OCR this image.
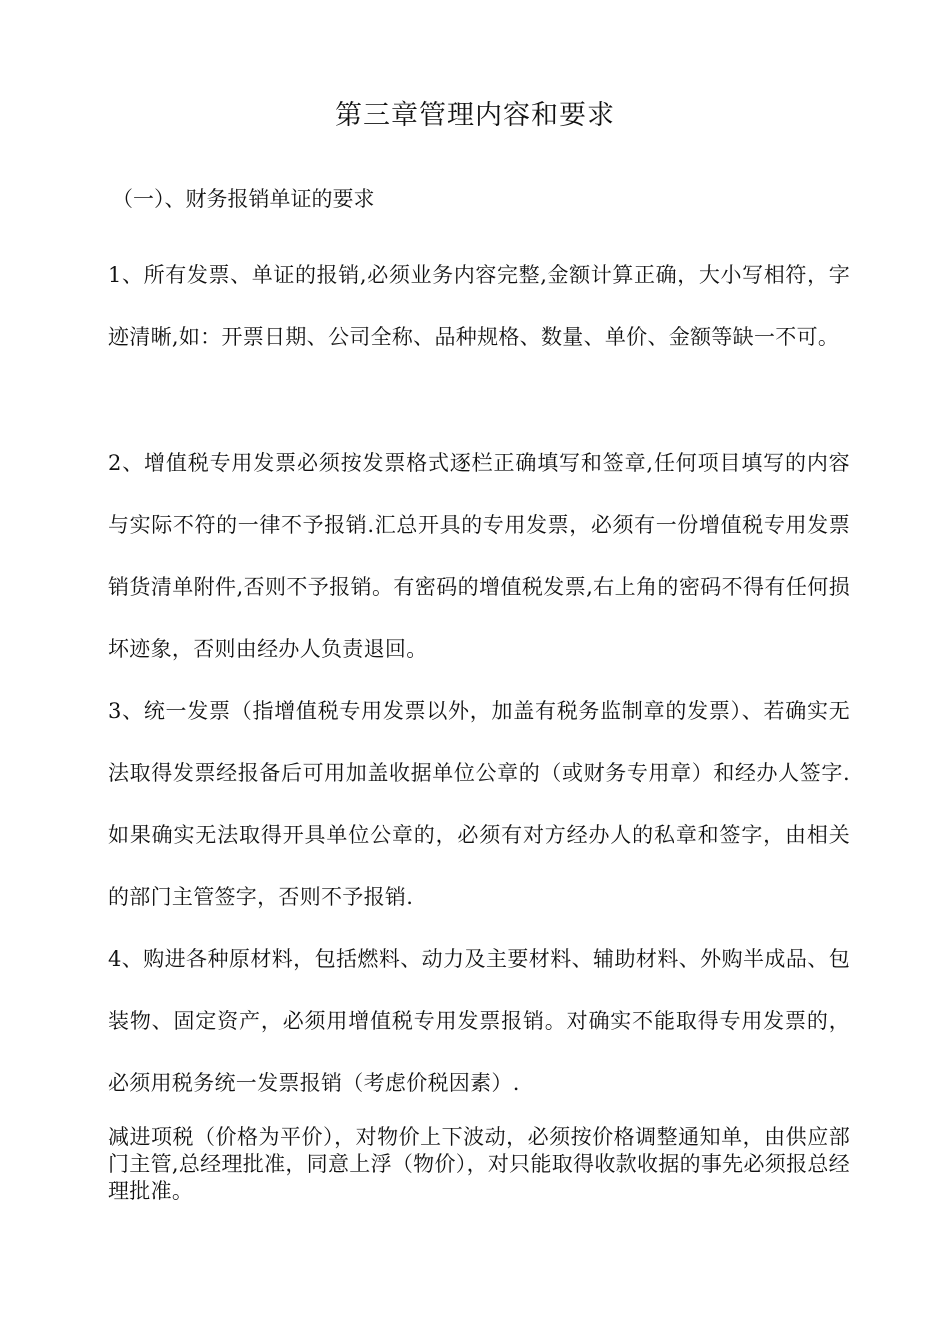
第三章管理内容和要求
（一）、财务报销单证的要求

1、所有发票、单证的报销,必须业务内容完整,金额计算正确，大小写相符，字迹清晰,如：开票日期、公司全称、品种规格、数量、单价、金额等缺一不可。

2、增值税专用发票必须按发票格式逐栏正确填写和签章,任何项目填写的内容与实际不符的一律不予报销.汇总开具的专用发票，必须有一份增值税专用发票销货清单附件,否则不予报销。有密码的增值税发票,右上角的密码不得有任何损坏迹象，否则由经办人负责退回。

3、统一发票（指增值税专用发票以外，加盖有税务监制章的发票）、若确实无法取得发票经报备后可用加盖收据单位公章的（或财务专用章）和经办人签字.如果确实无法取得开具单位公章的，必须有对方经办人的私章和签字，由相关的部门主管签字，否则不予报销.

4、购进各种原材料，包括燃料、动力及主要材料、辅助材料、外购半成品、包装物、固定资产，必须用增值税专用发票报销。对确实不能取得专用发票的，必须用税务统一发票报销（考虑价税因素）.

减进项税（价格为平价），对物价上下波动，必须按价格调整通知单，由供应部门主管,总经理批准，同意上浮（物价），对只能取得收款收据的事先必须报总经理批准。
